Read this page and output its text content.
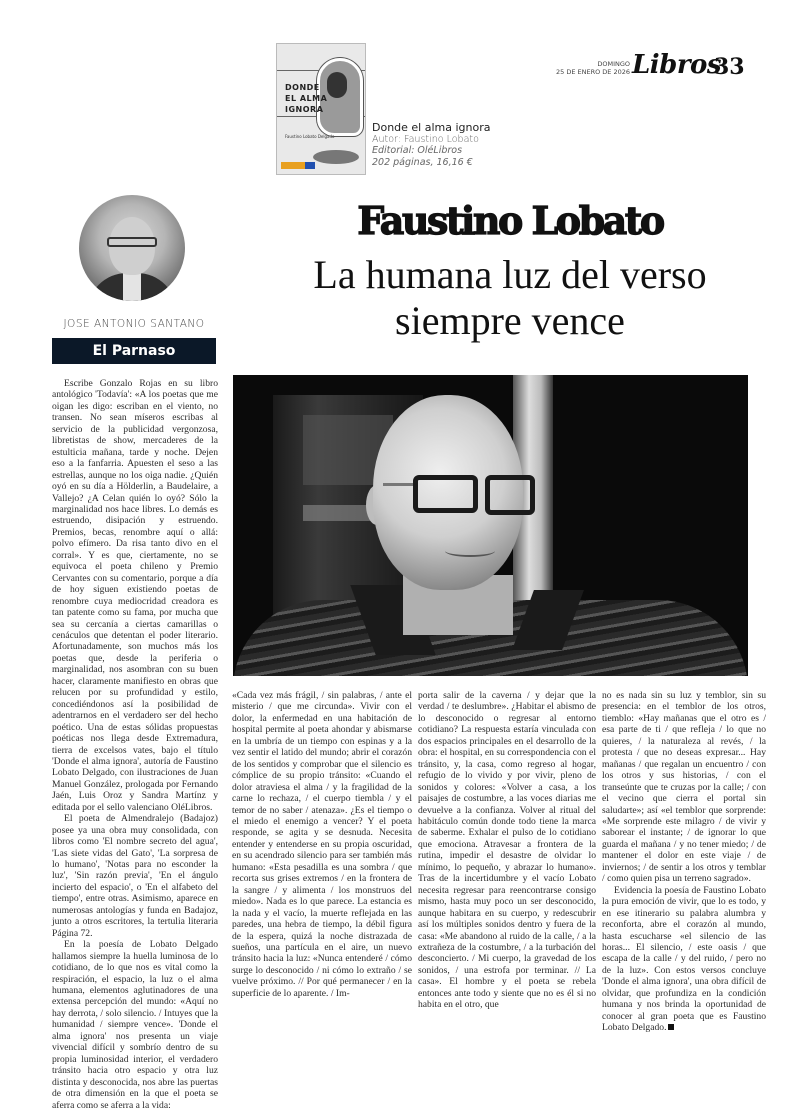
DONDE
EL ALMA
IGNORA
Faustino Lobato Delgado
Donde el alma ignora
Autor: Faustino Lobato
Editorial: OléLibros
202 páginas, 16,16 €
DOMINGO
25 DE ENERO DE 2026 Libros
33
JOSE ANTONIO SANTANO
El Parnaso
Faustino Lobato
La humana luz del verso
siempre vence

Escribe Gonzalo Rojas en su libro antológico 'Todavía': «A los poetas que me oigan les digo: escriban en el viento, no transen. No sean míseros escribas al servicio de la publicidad vergonzosa, libretistas de show, mercaderes de la estulticia mañana, tarde y noche. Dejen eso a la fanfarria. Apuesten el seso a las estrellas, aunque no los oiga nadie. ¿Quién oyó en su día a Hölderlin, a Baudelaire, a Vallejo? ¿A Celan quién lo oyó? Sólo la marginalidad nos hace libres. Lo demás es estruendo, disipación y estruendo. Premios, becas, renombre aquí o allá: polvo efímero. Da risa tanto divo en el corral». Y es que, ciertamente, no se equivoca el poeta chileno y Premio Cervantes con su comentario, porque a día de hoy siguen existiendo poetas de renombre cuya mediocridad creadora es tan patente como su fama, por mucha que sea su cercanía a ciertas camarillas o cenáculos que detentan el poder literario. Afortunadamente, son muchos más los poetas que, desde la periferia o marginalidad, nos asombran con su buen hacer, claramente manifiesto en obras que relucen por su profundidad y estilo, concediéndonos así la posibilidad de adentrarnos en el verdadero ser del hecho poético. Una de estas sólidas propuestas poéticas nos llega desde Extremadura, tierra de excelsos vates, bajo el título 'Donde el alma ignora', autoría de Faustino Lobato Delgado, con ilustraciones de Juan Manuel González, prologada por Fernando Jaén, Luis Oroz y Sandra Martínz y editada por el sello valenciano OléLibros.

El poeta de Almendralejo (Badajoz) posee ya una obra muy consolidada, con libros como 'El nombre secreto del agua', 'Las siete vidas del Gato', 'La sorpresa de lo humano', 'Notas para no esconder la luz', 'Sin razón previa', 'En el ángulo incierto del espacio', o 'En el alfabeto del tiempo', entre otras. Asimismo, aparece en numerosas antologías y funda en Badajoz, junto a otros escritores, la tertulia literaria Página 72.

En la poesía de Lobato Delgado hallamos siempre la huella luminosa de lo cotidiano, de lo que nos es vital como la respiración, el espacio, la luz o el alma humana, elementos aglutinadores de una extensa percepción del mundo: «Aquí no hay derrota, / solo silencio. / Intuyes que la humanidad / siempre vence». 'Donde el alma ignora' nos presenta un viaje vivencial difícil y sombrío dentro de su propia luminosidad interior, el verdadero tránsito hacia otro espacio y otra luz distinta y desconocida, nos abre las puertas de otra dimensión en la que el poeta se aferra como se aferra a la vida:

«Cada vez más frágil, / sin palabras, / ante el misterio / que me circunda». Vivir con el dolor, la enfermedad en una habitación de hospital permite al poeta ahondar y abismarse en la umbría de un tiempo con espinas y a la vez sentir el latido del mundo; abrir el corazón de los sentidos y comprobar que el silencio es cómplice de su propio tránsito: «Cuando el dolor atraviesa el alma / y la fragilidad de la carne lo rechaza, / el cuerpo tiembla / y el temor de no saber / atenaza». ¿Es el tiempo o el miedo el enemigo a vencer? Y el poeta responde, se agita y se desnuda. Necesita entender y entenderse en su propia oscuridad, en su acendrado silencio para ser también más humano: «Esta pesadilla es una sombra / que recorta sus grises extremos / en la frontera de la sangre / y alimenta / los monstruos del miedo». Nada es lo que parece. La estancia es la nada y el vacío, la muerte reflejada en las paredes, una hebra de tiempo, la débil figura de la espera, quizá la noche distrazada de sueños, una partícula en el aire, un nuevo tránsito hacia la luz: «Nunca entenderé / cómo surge lo desconocido / ni cómo lo extraño / se vuelve próximo. // Por qué permanecer / en la superficie de lo aparente. / Im-

porta salir de la caverna / y dejar que la verdad / te deslumbre». ¿Habitar el abismo de lo desconocido o regresar al entorno cotidiano? La respuesta estaría vinculada con dos espacios principales en el desarrollo de la obra: el hospital, en su correspondencia con el tránsito, y, la casa, como regreso al hogar, refugio de lo vivido y por vivir, pleno de sonidos y colores: «Volver a casa, a los paisajes de costumbre, a las voces diarias me devuelve a la confianza. Volver al ritual del habitáculo común donde todo tiene la marca de saberme. Exhalar el pulso de lo cotidiano que emociona. Atravesar a frontera de la rutina, impedir el desastre de olvidar lo mínimo, lo pequeño, y abrazar lo humano». Tras de la incertidumbre y el vacío Lobato necesita regresar para reencontrarse consigo mismo, hasta muy poco un ser desconocido, aunque habitara en su cuerpo, y redescubrir así los múltiples sonidos dentro y fuera de la casa: «Me abandono al ruido de la calle, / a la extrañeza de la costumbre, / a la turbación del desconcierto. / Mi cuerpo, la gravedad de los sonidos, / una estrofa por terminar. // La casa». El hombre y el poeta se rebela entonces ante todo y siente que no es él si no habita en el otro, que

no es nada sin su luz y temblor, sin su presencia: en el temblor de los otros, tiemblo: «Hay mañanas que el otro es / esa parte de ti / que refleja / lo que no quieres, / la naturaleza al revés, / la protesta / que no deseas expresar... Hay mañanas / que regalan un encuentro / con los otros y sus historias, / con el transeúnte que te cruzas por la calle; / con el vecino que cierra el portal sin saludarte»; así «el temblor que sorprende: «Me sorprende este milagro / de vivir y saborear el instante; / de ignorar lo que guarda el mañana / y no tener miedo; / de mantener el dolor en este viaje / de inviernos; / de sentir a los otros y temblar / como quien pisa un terreno sagrado».

Evidencia la poesía de Faustino Lobato la pura emoción de vivir, que lo es todo, y en ese itinerario su palabra alumbra y reconforta, abre el corazón al mundo, hasta escucharse «el silencio de las horas... El silencio, / este oasis / que escapa de la calle / y del ruido, / pero no de la luz». Con estos versos concluye 'Donde el alma ignora', una obra difícil de olvidar, que profundiza en la condición humana y nos brinda la oportunidad de conocer al gran poeta que es Faustino Lobato Delgado.
